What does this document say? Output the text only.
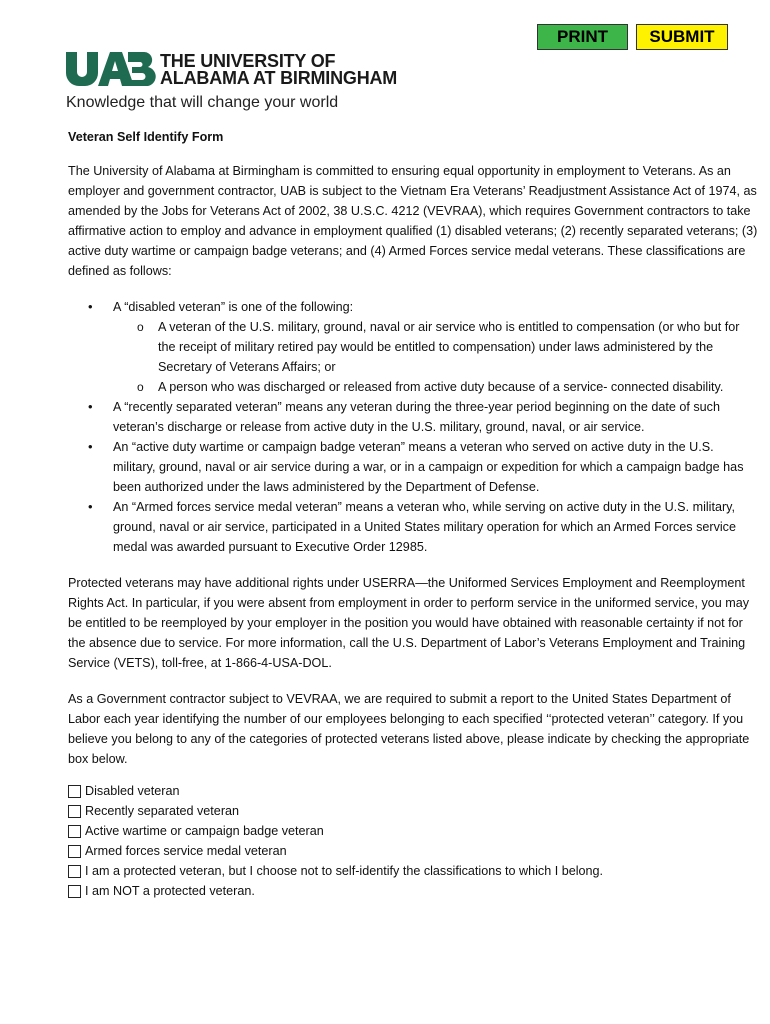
PRINT	SUBMIT
UAB	THE UNIVERSITY OF
ALABAMA AT BIRMINGHAM
Knowledge that will change your world
Veteran Self Identify Form

The University of Alabama at Birmingham is committed to ensuring equal opportunity in employment to Veterans. As an employer and government contractor, UAB is subject to the Vietnam Era Veterans’ Readjustment Assistance Act of 1974, as amended by the Jobs for Veterans Act of 2002, 38 U.S.C. 4212 (VEVRAA), which requires Government contractors to take affirmative action to employ and advance in employment qualified (1) disabled veterans; (2) recently separated veterans; (3) active duty wartime or campaign badge veterans; and (4) Armed Forces service medal veterans. These classifications are defined as follows:

• A “disabled veteran” is one of the following:
o A veteran of the U.S. military, ground, naval or air service who is entitled to compensation (or who but for the receipt of military retired pay would be entitled to compensation) under laws administered by the Secretary of Veterans Affairs; or
o A person who was discharged or released from active duty because of a service- connected disability.
• A “recently separated veteran” means any veteran during the three-year period beginning on the date of such veteran’s discharge or release from active duty in the U.S. military, ground, naval, or air service.
• An “active duty wartime or campaign badge veteran” means a veteran who served on active duty in the U.S. military, ground, naval or air service during a war, or in a campaign or expedition for which a campaign badge has been authorized under the laws administered by the Department of Defense.
• An “Armed forces service medal veteran” means a veteran who, while serving on active duty in the U.S. military, ground, naval or air service, participated in a United States military operation for which an Armed Forces service medal was awarded pursuant to Executive Order 12985.

Protected veterans may have additional rights under USERRA—the Uniformed Services Employment and Reemployment Rights Act. In particular, if you were absent from employment in order to perform service in the uniformed service, you may be entitled to be reemployed by your employer in the position you would have obtained with reasonable certainty if not for the absence due to service. For more information, call the U.S. Department of Labor’s Veterans Employment and Training Service (VETS), toll-free, at 1-866-4-USA-DOL.

As a Government contractor subject to VEVRAA, we are required to submit a report to the United States Department of Labor each year identifying the number of our employees belonging to each specified ‘‘protected veteran’’ category. If you believe you belong to any of the categories of protected veterans listed above, please indicate by checking the appropriate box below.

Disabled veteran
Recently separated veteran
Active wartime or campaign badge veteran
Armed forces service medal veteran
I am a protected veteran, but I choose not to self-identify the classifications to which I belong.
I am NOT a protected veteran.
